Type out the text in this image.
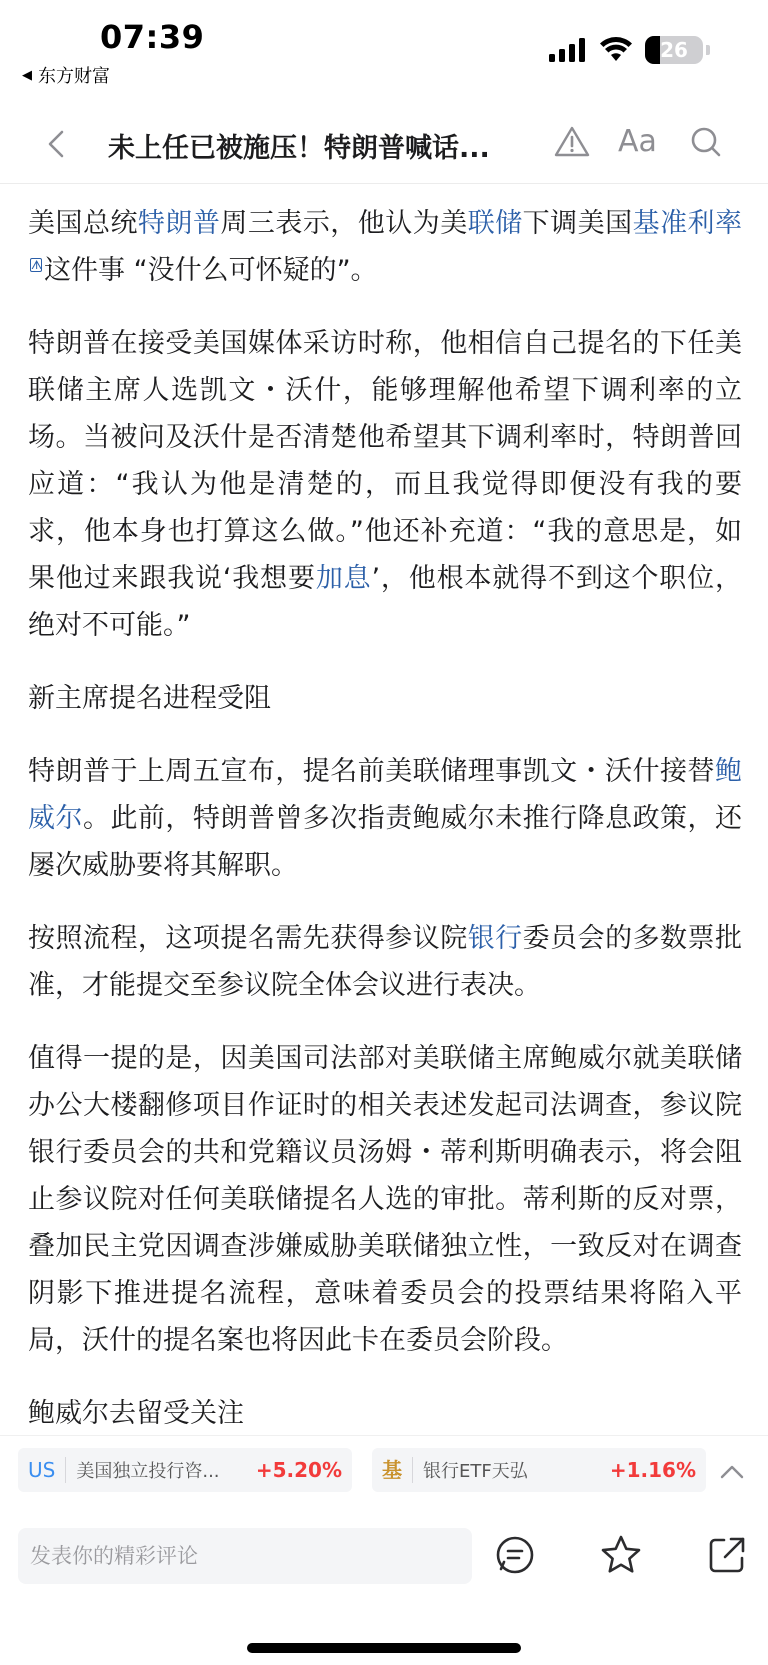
07:39
◀ 东方财富
26
未上任已被施压！特朗普喊话...	Aa

美国总统特朗普周三表示，他认为美联储下调美国基准利率ᗑ这件事 “没什么可怀疑的”。

特朗普在接受美国媒体采访时称，他相信自己提名的下任美联储主席人选凯文・沃什，能够理解他希望下调利率的立场。当被问及沃什是否清楚他希望其下调利率时，特朗普回应道：“我认为他是清楚的，而且我觉得即便没有我的要求，他本身也打算这么做。”他还补充道：“我的意思是，如果他过来跟我说‘我想要加息’，他根本就得不到这个职位，绝对不可能。”

新主席提名进程受阻

特朗普于上周五宣布，提名前美联储理事凯文・沃什接替鲍威尔。此前，特朗普曾多次指责鲍威尔未推行降息政策，还屡次威胁要将其解职。

按照流程，这项提名需先获得参议院银行委员会的多数票批准，才能提交至参议院全体会议进行表决。

值得一提的是，因美国司法部对美联储主席鲍威尔就美联储办公大楼翻修项目作证时的相关表述发起司法调查，参议院银行委员会的共和党籍议员汤姆・蒂利斯明确表示，将会阻止参议院对任何美联储提名人选的审批。蒂利斯的反对票，叠加民主党因调查涉嫌威胁美联储独立性，一致反对在调查阴影下推进提名流程，意味着委员会的投票结果将陷入平局，沃什的提名案也将因此卡在委员会阶段。

鲍威尔去留受关注

US	美国独立投行咨...	+5.20% 基	银行ETF天弘	+1.16%
发表你的精彩评论
